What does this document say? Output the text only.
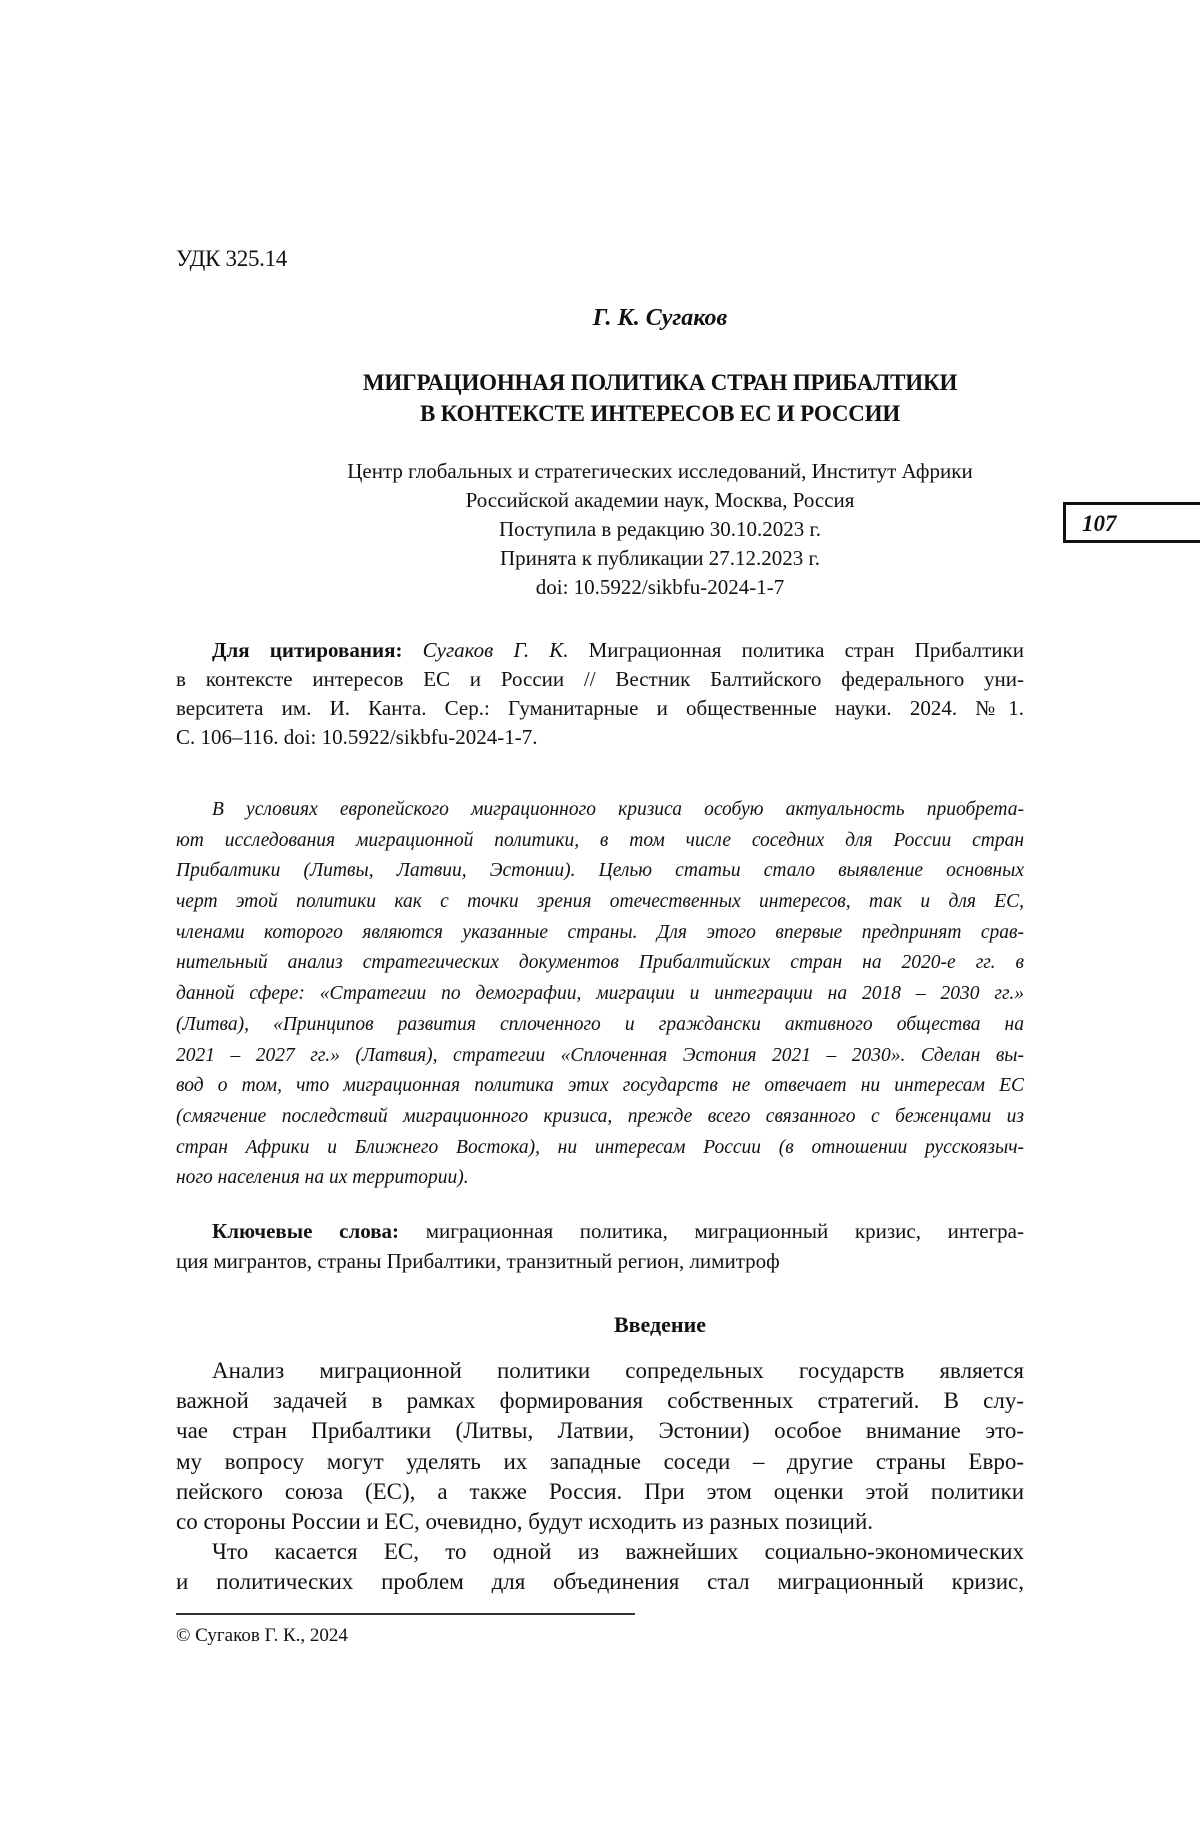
УДК 325.14
Г. К. Сугаков
МИГРАЦИОННАЯ ПОЛИТИКА СТРАН ПРИБАЛТИКИ
В КОНТЕКСТЕ ИНТЕРЕСОВ ЕС И РОССИИ
Центр глобальных и стратегических исследований, Институт Африки
Российской академии наук, Москва, Россия
Поступила в редакцию 30.10.2023 г.
Принята к публикации 27.12.2023 г.
doi: 10.5922/sikbfu-2024-1-7
107
Для цитирования: Сугаков Г. К. Миграционная политика стран Прибалтики
в контексте интересов ЕС и России // Вестник Балтийского федерального уни-
верситета им. И. Канта. Сер.: Гуманитарные и общественные науки. 2024. №1.
С. 106–116. doi: 10.5922/sikbfu-2024-1-7.
В условиях европейского миграционного кризиса особую актуальность приобрета-
ют исследования миграционной политики, в том числе соседних для России стран
Прибалтики (Литвы, Латвии, Эстонии). Целью статьи стало выявление основных
черт этой политики как с точки зрения отечественных интересов, так и для ЕС,
членами которого являются указанные страны. Для этого впервые предпринят срав-
нительный анализ стратегических документов Прибалтийских стран на 2020-е гг. в
данной сфере: «Стратегии по демографии, миграции и интеграции на 2018 – 2030 гг.»
(Литва), «Принципов развития сплоченного и граждански активного общества на
2021 – 2027 гг.» (Латвия), стратегии «Сплоченная Эстония 2021 – 2030». Сделан вы-
вод о том, что миграционная политика этих государств не отвечает ни интересам ЕС
(смягчение последствий миграционного кризиса, прежде всего связанного с беженцами из
стран Африки и Ближнего Востока), ни интересам России (в отношении русскоязыч-
ного населения на их территории).
Ключевые слова: миграционная политика, миграционный кризис, интегра-
ция мигрантов, страны Прибалтики, транзитный регион, лимитроф
Введение
Анализ миграционной политики сопредельных государств является
важной задачей в рамках формирования собственных стратегий. В слу-
чае стран Прибалтики (Литвы, Латвии, Эстонии) особое внимание это-
му вопросу могут уделять их западные соседи – другие страны Евро-
пейского союза (ЕС), а также Россия. При этом оценки этой политики
со стороны России и ЕС, очевидно, будут исходить из разных позиций.
Что касается ЕС, то одной из важнейших социально-экономических
и политических проблем для объединения стал миграционный кризис,
© Сугаков Г. К., 2024
